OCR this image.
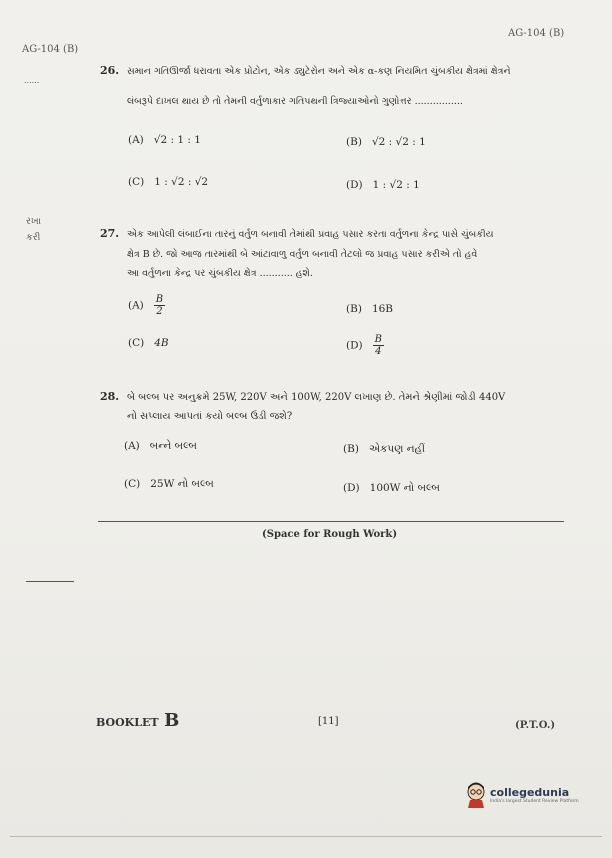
AG-104 (B)
AG-104 (B)
......
રખા
કરી
26. સમાન ગતિઊર્જા ધરાવતા એક પ્રોટોન, એક ડ્યુટેરોન અને એક α-કણ નિયમિત ચુંબકીય ક્ષેત્રમાં ક્ષેત્રને
લંબરૂપે દાખલ થાય છે તો તેમની વર્તુળાકાર ગતિપથની ત્રિજ્યાઓનો ગુણોત્તર ................
(A) √2 : 1 : 1	(B) √2 : √2 : 1
(C) 1 : √2 : √2	(D) 1 : √2 : 1
27. એક આપેલી લંબાઈના તારનું વર્તુળ બનાવી તેમાંથી પ્રવાહ પસાર કરતા વર્તુળના કેન્દ્ર પાસે ચુંબકીય
ક્ષેત્ર B છે. જો આજ તારમાંથી બે આંટાવાળુ વર્તુળ બનાવી તેટલો જ પ્રવાહ પસાર કરીએ તો હવે
આ વર્તુળના કેન્દ્ર પર ચુંબકીય ક્ષેત્ર ........... હશે.
$(A) \frac{B}{2}$	(B) 16B
(C) 4B	$(D) \frac{B}{4}$
28. બે બલ્બ પર અનુક્રમે 25W, 220V અને 100W, 220V લખાણ છે. તેમને શ્રેણીમાં જોડી 440V
નો સપ્લાય આપતાં કયો બલ્બ ઉડી જશે?
(A) બન્ને બલ્બ	(B) એકપણ નહીં
(C) 25W નો બલ્બ	(D) 100W નો બલ્બ
(Space for Rough Work)
BOOKLET B	[11]	(P.T.O.)
collegedunia
India's largest Student Review Platform
